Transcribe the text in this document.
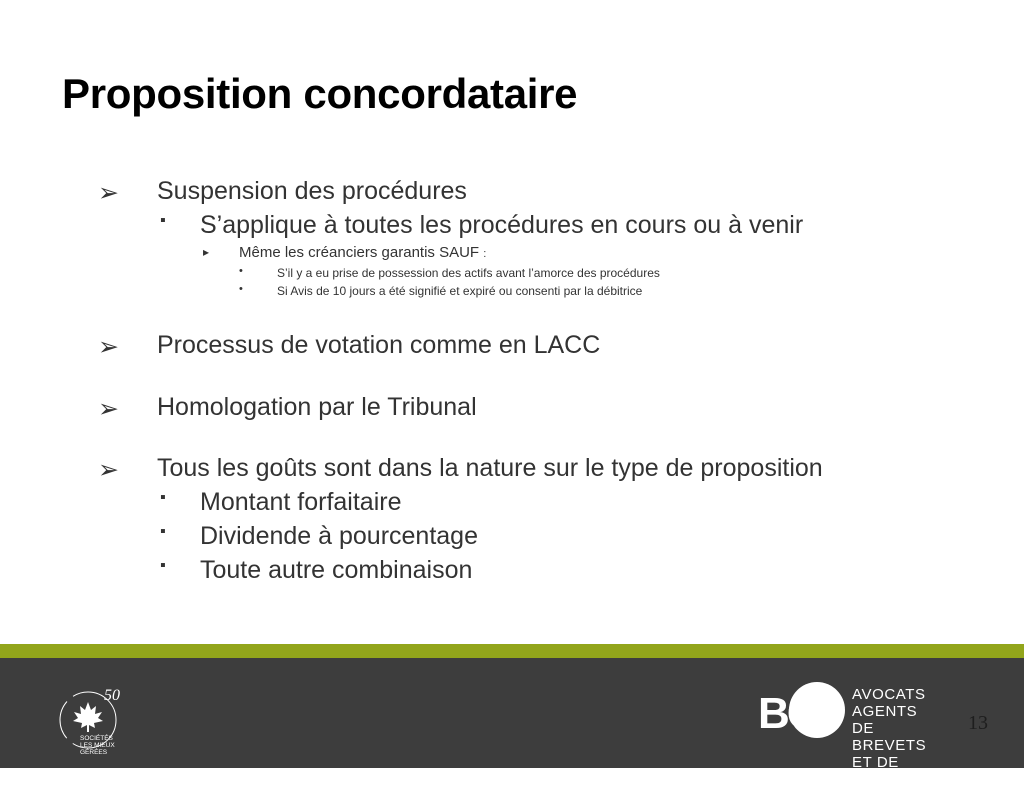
Proposition concordataire
➢ Suspension des procédures
▪ S’applique à toutes les procédures en cours ou à venir
▸ Même les créanciers garantis SAUF :
•	S’il y a eu prise de possession des actifs avant l’amorce des procédures
•	Si Avis de 10 jours a été signifié et expiré ou consenti par la débitrice
➢ Processus de votation comme en LACC
➢ Homologation par le Tribunal
➢ Tous les goûts sont dans la nature sur le type de proposition
▪ Montant forfaitaire
▪ Dividende à pourcentage
▪ Toute autre combinaison
50
SOCIÉTÉS
LES MIEUX
GÉRÉES
BCF AVOCATS
AGENTS DE BREVETS
ET DE MARQUES
13
